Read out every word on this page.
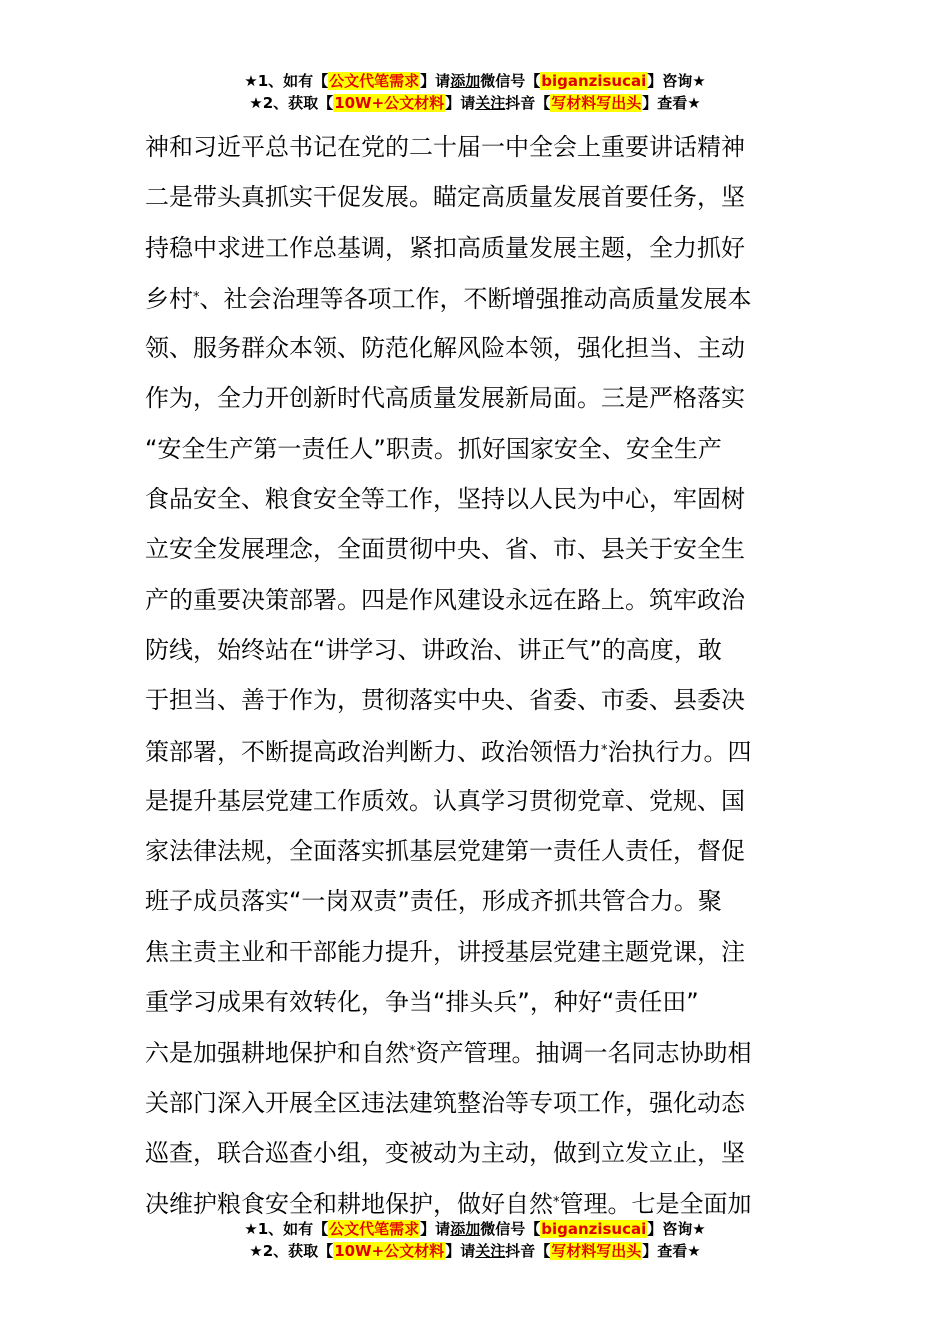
★1、如有【公文代笔需求】请添加微信号【biganzisucai】咨询★
★2、获取【10W+公文材料】请关注抖音【写材料写出头】查看★
神和习近平总书记在党的二十届一中全会上重要讲话精神
二是带头真抓实干促发展。瞄定高质量发展首要任务，坚
持稳中求进工作总基调，紧扣高质量发展主题，全力抓好
乡村*、社会治理等各项工作，不断增强推动高质量发展本
领、服务群众本领、防范化解风险本领，强化担当、主动
作为，全力开创新时代高质量发展新局面。三是严格落实
“安全生产第一责任人”职责。抓好国家安全、安全生产
食品安全、粮食安全等工作，坚持以人民为中心，牢固树
立安全发展理念，全面贯彻中央、省、市、县关于安全生
产的重要决策部署。四是作风建设永远在路上。筑牢政治
防线，始终站在“讲学习、讲政治、讲正气”的高度，敢
于担当、善于作为，贯彻落实中央、省委、市委、县委决
策部署，不断提高政治判断力、政治领悟力*治执行力。四
是提升基层党建工作质效。认真学习贯彻党章、党规、国
家法律法规，全面落实抓基层党建第一责任人责任，督促
班子成员落实“一岗双责”责任，形成齐抓共管合力。聚
焦主责主业和干部能力提升，讲授基层党建主题党课，注
重学习成果有效转化，争当“排头兵”，种好“责任田”
六是加强耕地保护和自然*资产管理。抽调一名同志协助相
关部门深入开展全区违法建筑整治等专项工作，强化动态
巡查，联合巡查小组，变被动为主动，做到立发立止，坚
决维护粮食安全和耕地保护，做好自然*管理。七是全面加
★1、如有【公文代笔需求】请添加微信号【biganzisucai】咨询★
★2、获取【10W+公文材料】请关注抖音【写材料写出头】查看★
